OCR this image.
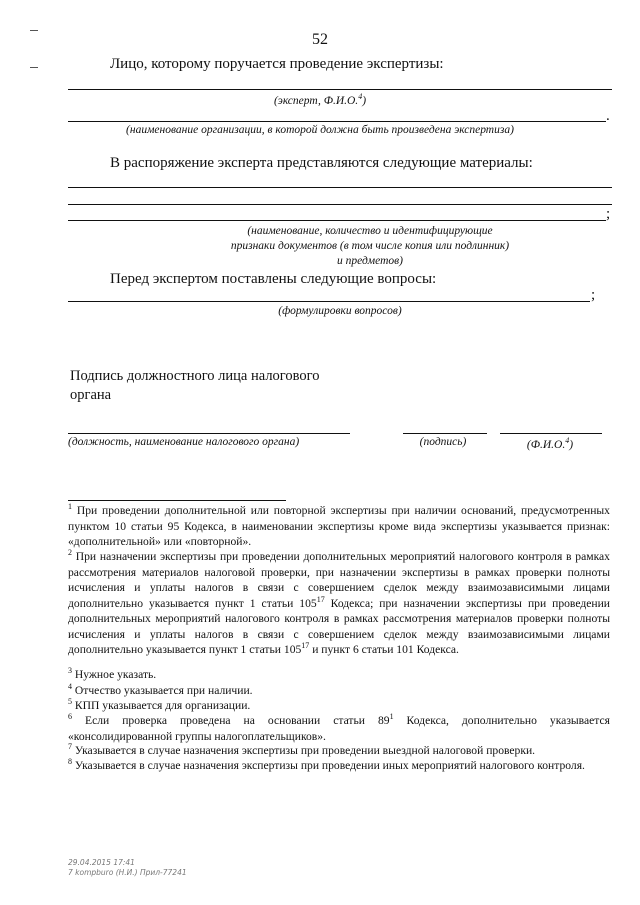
52
Лицо, которому поручается проведение экспертизы:
(эксперт, Ф.И.О.$^4$)
.
(наименование организации, в которой должна быть произведена экспертиза)
В распоряжение эксперта представляются следующие материалы:
;
(наименование, количество и идентифицирующие
признаки документов (в том числе копия или подлинник)
и предметов)
Перед экспертом поставлены следующие вопросы:
;
(формулировки вопросов)
Подпись должностного лица налогового
органа
(должность, наименование налогового органа)	(подпись)	(Ф.И.О.$^4$)
$^1$ При проведении дополнительной или повторной экспертизы при наличии оснований, предусмотренных пунктом 10 статьи 95 Кодекса, в наименовании экспертизы кроме вида экспертизы указывается признак: «дополнительной» или «повторной».
$^2$ При назначении экспертизы при проведении дополнительных мероприятий налогового контроля в рамках рассмотрения материалов налоговой проверки, при назначении экспертизы в рамках проверки полноты исчисления и уплаты налогов в связи с совершением сделок между взаимозависимыми лицами дополнительно указывается пункт 1 статьи $105^{17}$ Кодекса; при назначении экспертизы при проведении дополнительных мероприятий налогового контроля в рамках рассмотрения материалов проверки полноты исчисления и уплаты налогов в связи с совершением сделок между взаимозависимыми лицами дополнительно указывается пункт 1 статьи $105^{17}$ и пункт 6 статьи 101 Кодекса.
$^3$ Нужное указать.
$^4$ Отчество указывается при наличии.
$^5$ КПП указывается для организации.
$^6$ Если проверка проведена на основании статьи $89^1$ Кодекса, дополнительно указывается «консолидированной группы налогоплательщиков».
$^7$ Указывается в случае назначения экспертизы при проведении выездной налоговой проверки.
$^8$ Указывается в случае назначения экспертизы при проведении иных мероприятий налогового контроля.
29.04.2015 17:41
7 kompburo (Н.И.) Прил-77241
